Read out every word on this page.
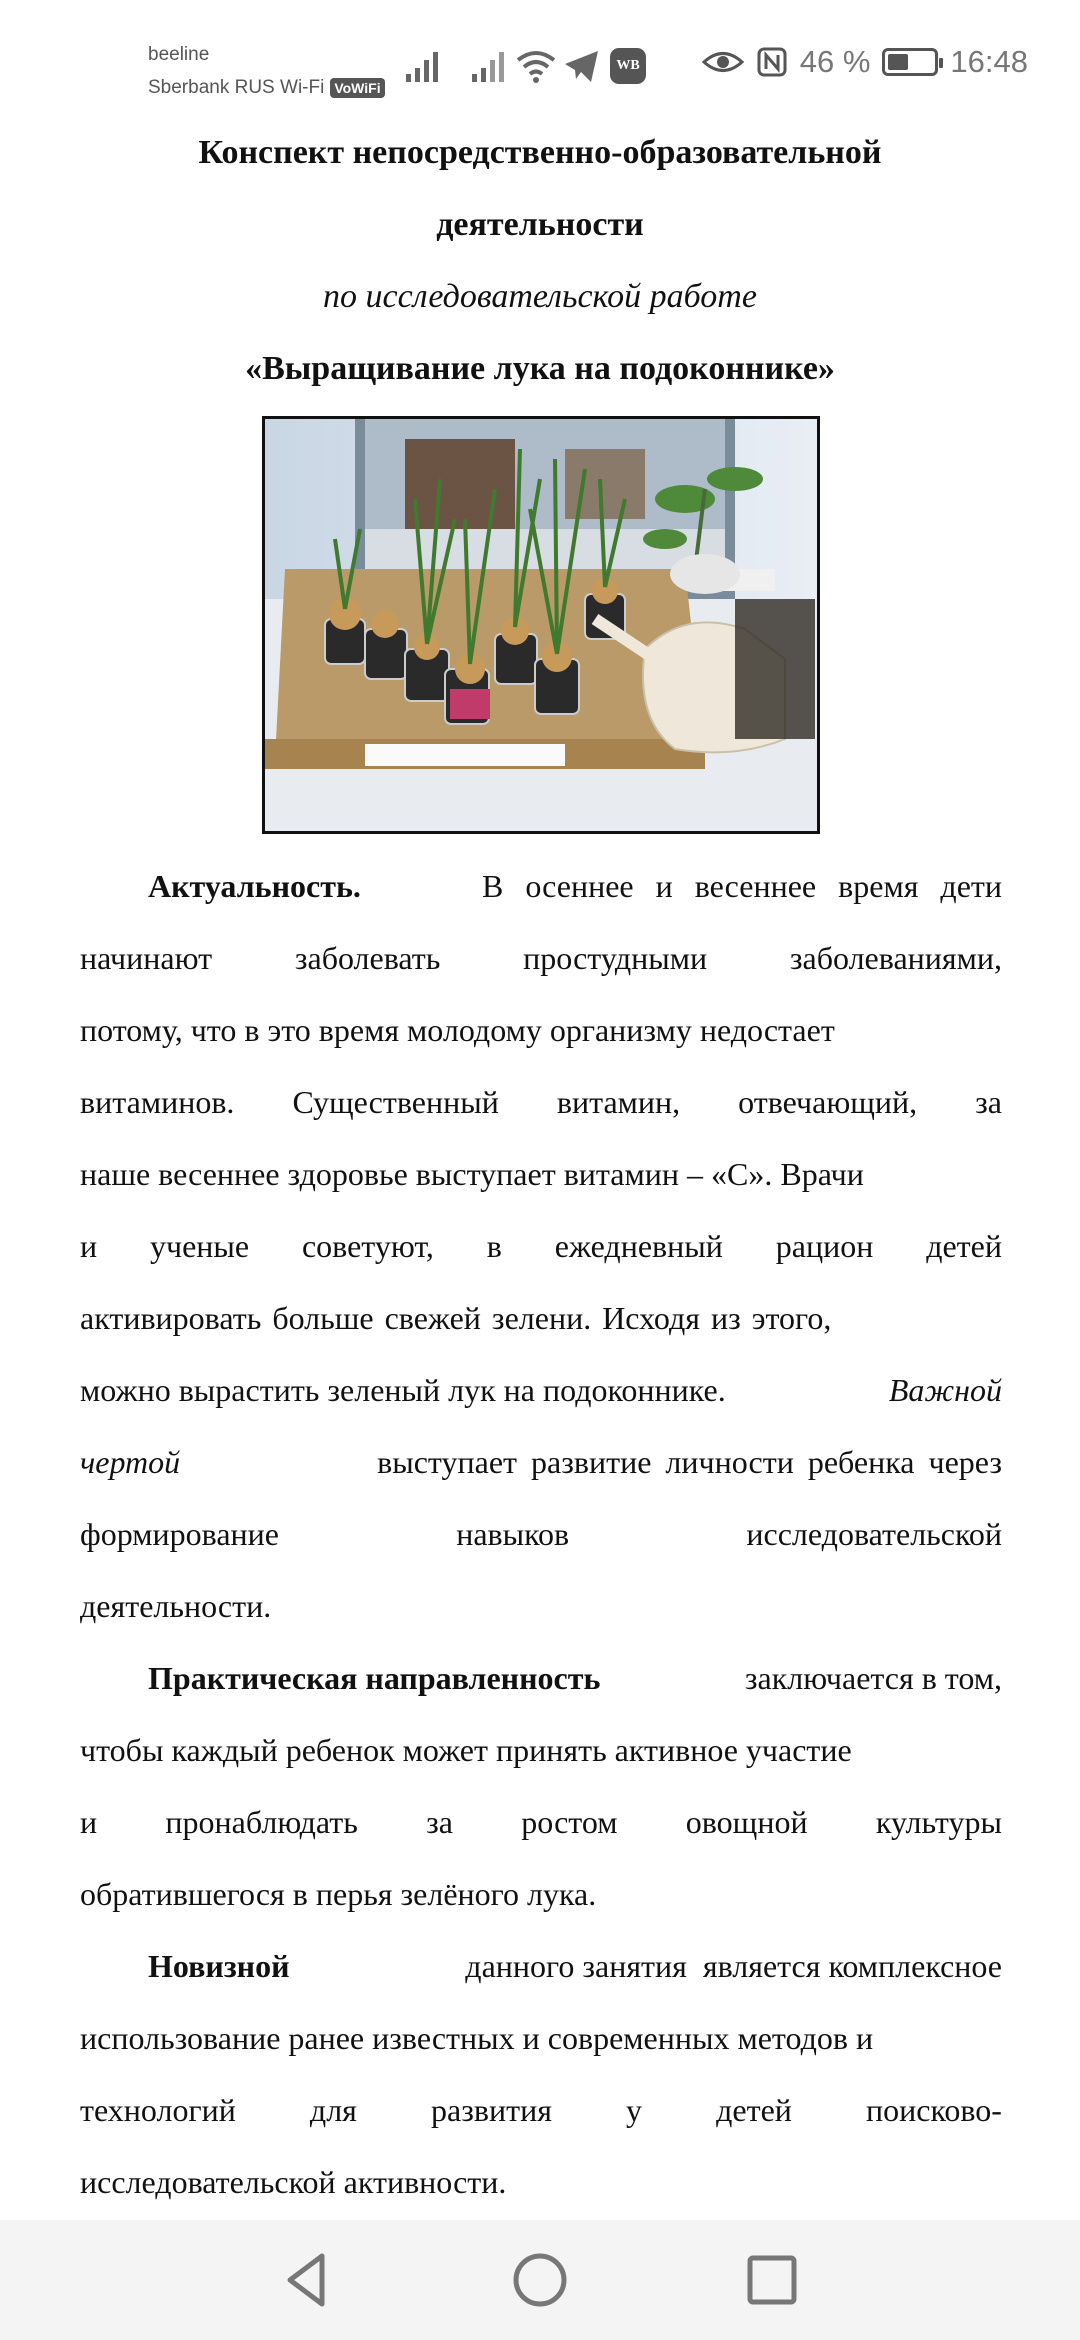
beeline
Sberbank RUS Wi-Fi VoWiFi
WB	46 %	16:48
Конспект непосредственно-образовательной
деятельности
по исследовательской работе
«Выращивание лука на подоконнике»
Актуальность.	В осеннее и весеннее время дети
начинают	заболевать	простудными	заболеваниями,
потому, что в это время молодому организму недостает
витаминов. Существенный витамин, отвечающий, за
наше весеннее здоровье выступает витамин – «С». Врачи
и ученые советуют, в ежедневный рацион детей
активировать больше свежей зелени. Исходя из этого,
можно вырастить зеленый лук на подоконнике.	Важной
чертой	выступает развитие личности ребенка через
формирование	навыков	исследовательской
деятельности.
Практическая направленность	заключается в том,
чтобы каждый ребенок может принять активное участие
и пронаблюдать за ростом овощной культуры
обратившегося в перья зелёного лука.
Новизной	данного занятия  является комплексное
использование ранее известных и современных методов и
технологий для развития у детей поисково-
исследовательской активности.
